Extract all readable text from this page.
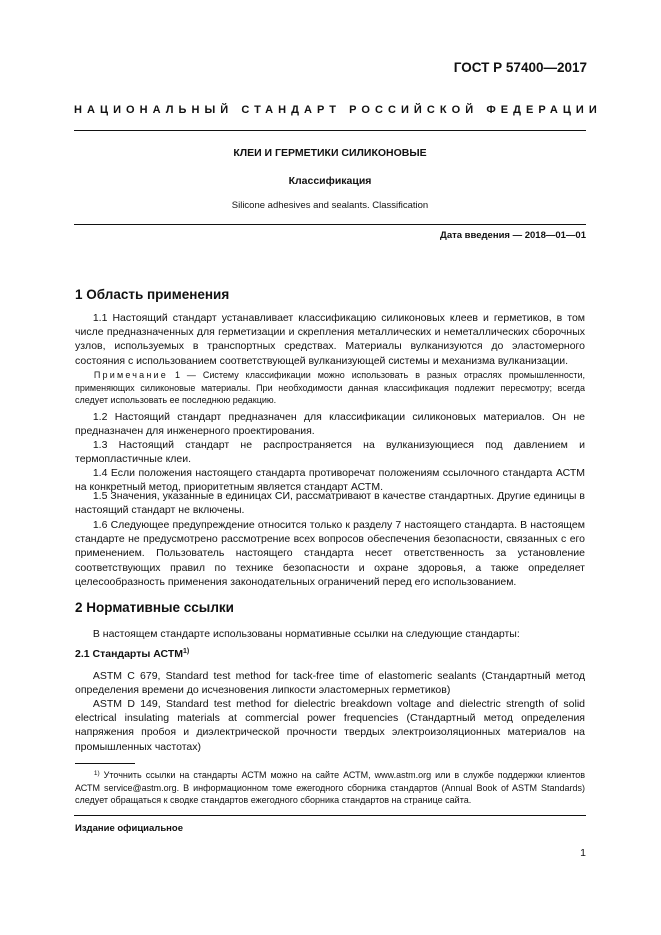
ГОСТ Р 57400—2017
НАЦИОНАЛЬНЫЙ СТАНДАРТ РОССИЙСКОЙ ФЕДЕРАЦИИ
КЛЕИ И ГЕРМЕТИКИ СИЛИКОНОВЫЕ
Классификация
Silicone adhesives and sealants. Classification
Дата введения — 2018—01—01
1 Область применения
1.1 Настоящий стандарт устанавливает классификацию силиконовых клеев и герметиков, в том числе предназначенных для герметизации и скрепления металлических и неметаллических сборочных узлов, используемых в транспортных средствах. Материалы вулканизуются до эластомерного состояния с использованием соответствующей вулканизующей системы и механизма вулканизации.
Примечание 1 — Систему классификации можно использовать в разных отраслях промышленности, применяющих силиконовые материалы. При необходимости данная классификация подлежит пересмотру; всегда следует использовать ее последнюю редакцию.
1.2 Настоящий стандарт предназначен для классификации силиконовых материалов. Он не предназначен для инженерного проектирования.
1.3 Настоящий стандарт не распространяется на вулканизующиеся под давлением и термопластичные клеи.
1.4 Если положения настоящего стандарта противоречат положениям ссылочного стандарта АСТМ на конкретный метод, приоритетным является стандарт АСТМ.
1.5 Значения, указанные в единицах СИ, рассматривают в качестве стандартных. Другие единицы в настоящий стандарт не включены.
1.6 Следующее предупреждение относится только к разделу 7 настоящего стандарта. В настоящем стандарте не предусмотрено рассмотрение всех вопросов обеспечения безопасности, связанных с его применением. Пользователь настоящего стандарта несет ответственность за установление соответствующих правил по технике безопасности и охране здоровья, а также определяет целесообразность применения законодательных ограничений перед его использованием.
2 Нормативные ссылки
В настоящем стандарте использованы нормативные ссылки на следующие стандарты:
2.1 Стандарты АСТМ$^{1)}$
ASTM C 679, Standard test method for tack-free time of elastomeric sealants (Стандартный метод определения времени до исчезновения липкости эластомерных герметиков)
ASTM D 149, Standard test method for dielectric breakdown voltage and dielectric strength of solid electrical insulating materials at commercial power frequencies (Стандартный метод определения напряжения пробоя и диэлектрической прочности твердых электроизоляционных материалов на промышленных частотах)
$^{1)}$ Уточнить ссылки на стандарты АСТМ можно на сайте АСТМ, www.astm.org или в службе поддержки клиентов АСТМ service@astm.org. В информационном томе ежегодного сборника стандартов (Annual Book of ASTM Standards) следует обращаться к сводке стандартов ежегодного сборника стандартов на странице сайта.
Издание официальное
1
